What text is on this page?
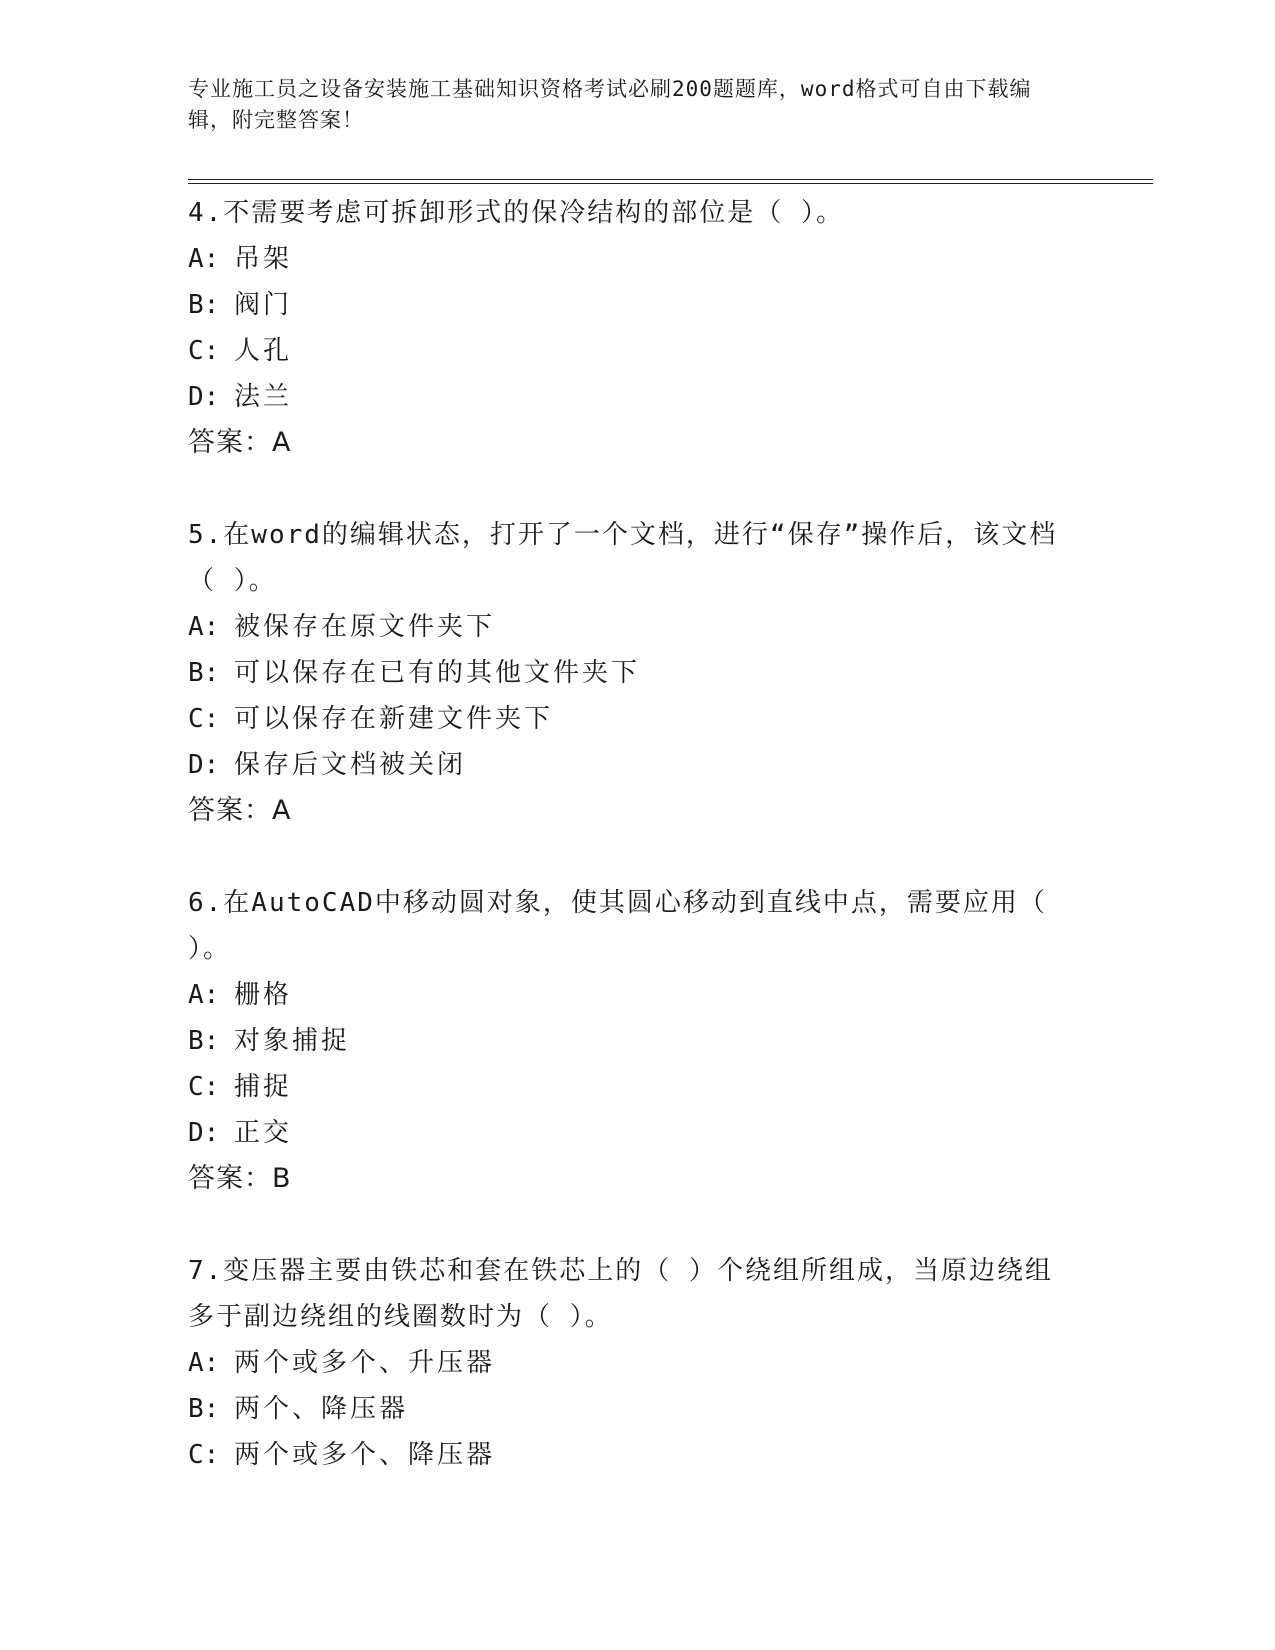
专业施工员之设备安装施工基础知识资格考试必刷200题题库，word格式可自由下载编辑，附完整答案！
4.不需要考虑可拆卸形式的保冷结构的部位是（ ）。
A: 吊架
B: 阀门
C: 人孔
D: 法兰
答案：A
5.在word的编辑状态，打开了一个文档，进行“保存”操作后，该文档（ ）。
A: 被保存在原文件夹下
B: 可以保存在已有的其他文件夹下
C: 可以保存在新建文件夹下
D: 保存后文档被关闭
答案：A
6.在AutoCAD中移动圆对象，使其圆心移动到直线中点，需要应用（ ）。
A: 栅格
B: 对象捕捉
C: 捕捉
D: 正交
答案：B
7.变压器主要由铁芯和套在铁芯上的（ ）个绕组所组成，当原边绕组多于副边绕组的线圈数时为（ ）。
A: 两个或多个、升压器
B: 两个、降压器
C: 两个或多个、降压器
